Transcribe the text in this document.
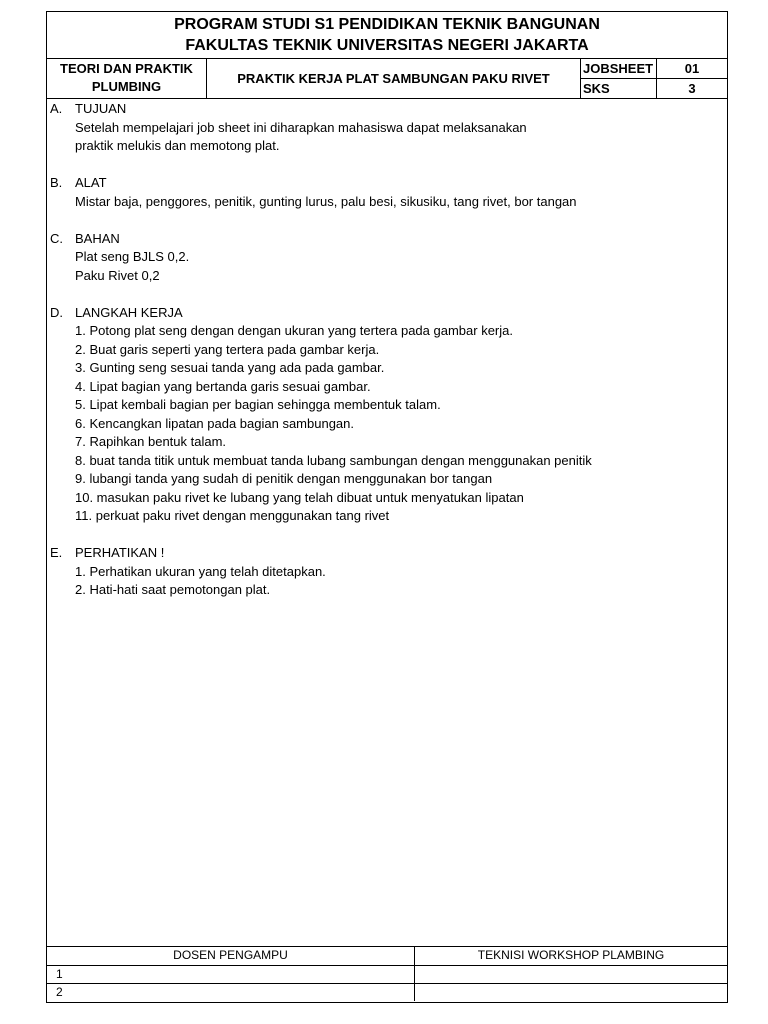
PROGRAM STUDI S1 PENDIDIKAN TEKNIK BANGUNAN
FAKULTAS TEKNIK UNIVERSITAS NEGERI JAKARTA
TEORI DAN PRAKTIK
PLUMBING
PRAKTIK KERJA PLAT SAMBUNGAN PAKU RIVET
JOBSHEET	01
SKS	3
A. TUJUAN
Setelah mempelajari job sheet ini diharapkan mahasiswa dapat melaksanakan
praktik melukis dan memotong plat.
B. ALAT
Mistar baja, penggores, penitik, gunting lurus, palu besi, sikusiku, tang rivet, bor tangan
C. BAHAN
Plat seng BJLS 0,2.
Paku Rivet 0,2
D. LANGKAH KERJA
1. Potong plat seng dengan dengan ukuran yang tertera pada gambar kerja.
2. Buat garis seperti yang tertera pada gambar kerja.
3. Gunting seng sesuai tanda yang ada pada gambar.
4. Lipat bagian yang bertanda garis sesuai gambar.
5. Lipat kembali bagian per bagian sehingga membentuk talam.
6. Kencangkan lipatan pada bagian sambungan.
7. Rapihkan bentuk talam.
8. buat tanda titik untuk membuat tanda lubang sambungan dengan menggunakan penitik
9. lubangi tanda yang sudah di penitik dengan menggunakan bor tangan
10. masukan paku rivet ke lubang yang telah dibuat untuk menyatukan lipatan
11. perkuat paku rivet dengan menggunakan tang rivet
E. PERHATIKAN !
1. Perhatikan ukuran yang telah ditetapkan.
2. Hati-hati saat pemotongan plat.
DOSEN PENGAMPU	TEKNISI WORKSHOP PLAMBING
1
2
